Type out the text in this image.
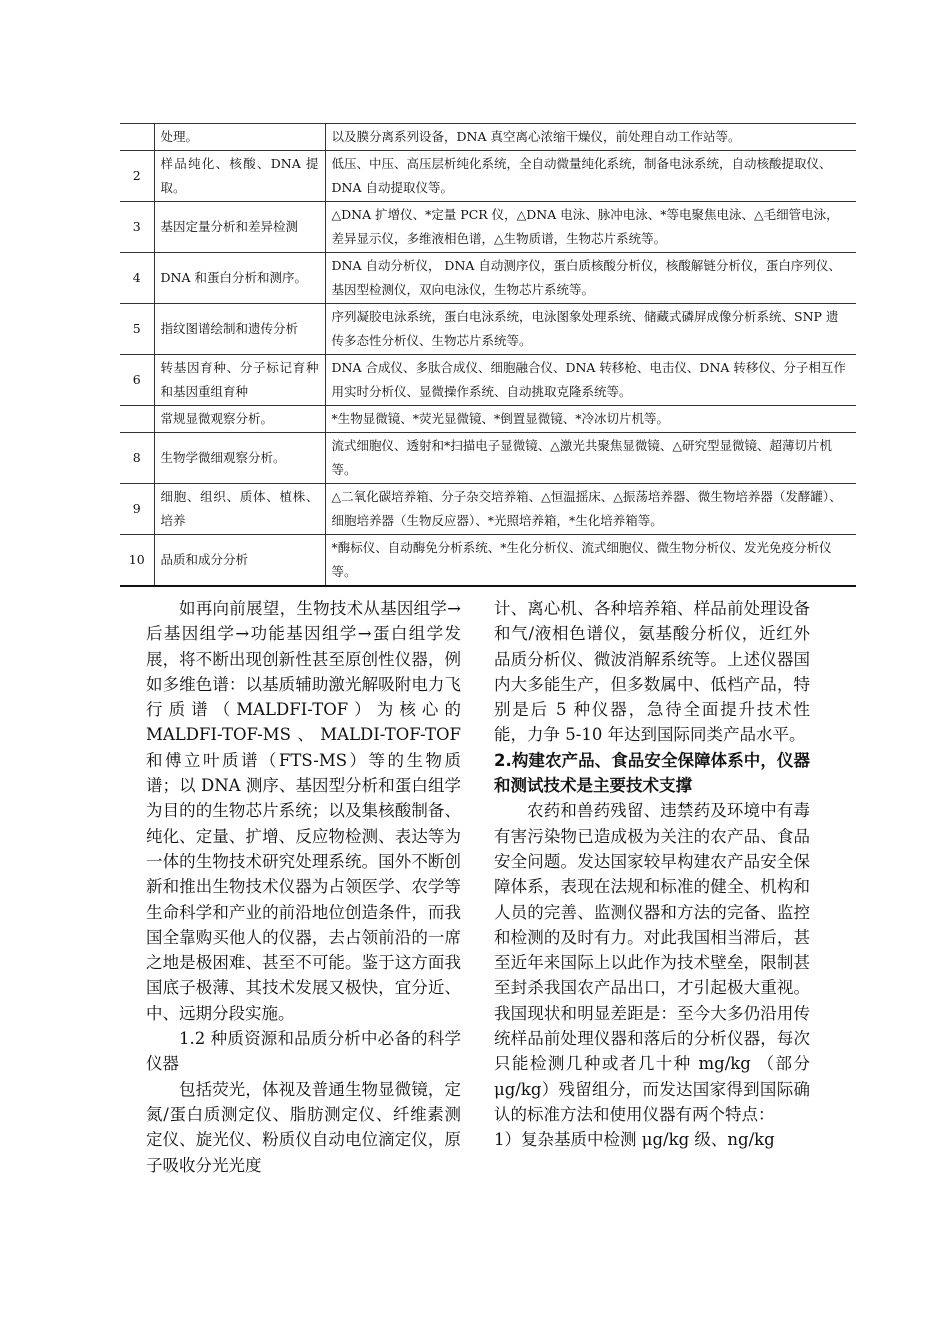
	处理。	以及膜分离系列设备，DNA 真空离心浓缩干燥仪，前处理自动工作站等。
2	样品纯化、核酸、DNA 提取。	低压、中压、高压层析纯化系统，全自动微量纯化系统，制备电泳系统，自动核酸提取仪、DNA 自动提取仪等。
3	基因定量分析和差异检测	△DNA 扩增仪、*定量 PCR 仪，△DNA 电泳、脉冲电泳、*等电聚焦电泳、△毛细管电泳，差异显示仪，多维液相色谱，△生物质谱，生物芯片系统等。
4	DNA 和蛋白分析和测序。	DNA 自动分析仪， DNA 自动测序仪，蛋白质核酸分析仪，核酸解链分析仪，蛋白序列仪、基因型检测仪，双向电泳仪，生物芯片系统等。
5	指纹图谱绘制和遗传分析	序列凝胶电泳系统，蛋白电泳系统，电泳图象处理系统、储藏式磷屏成像分析系统、SNP 遗传多态性分析仪、生物芯片系统等。
6	转基因育种、分子标记育种和基因重组育种	DNA 合成仪、多肽合成仪、细胞融合仪、DNA 转移枪、电击仪、DNA 转移仪、分子相互作用实时分析仪、显微操作系统、自动挑取克隆系统等。
	常规显微观察分析。	*生物显微镜、*荧光显微镜、*倒置显微镜、*冷冰切片机等。
8	生物学微细观察分析。	流式细胞仪、透射和*扫描电子显微镜、△激光共聚焦显微镜、△研究型显微镜、超薄切片机等。
9	细胞、组织、质体、植株、培养	△二氧化碳培养箱、分子杂交培养箱、△恒温摇床、△振荡培养器、微生物培养器（发酵罐）、细胞培养器（生物反应器）、*光照培养箱，*生化培养箱等。
10	品质和成分分析	*酶标仪、自动酶免分析系统、*生化分析仪、流式细胞仪、微生物分析仪、发光免疫分析仪等。

如再向前展望，生物技术从基因组学→后基因组学→功能基因组学→蛋白组学发展，将不断出现创新性甚至原创性仪器，例如多维色谱：以基质辅助激光解吸附电力飞行质谱（MALDFI-TOF）为核心的 MALDFI-TOF-MS、MALDI-TOF-TOF 和傅立叶质谱（FTS-MS）等的生物质谱；以 DNA 测序、基因型分析和蛋白组学为目的的生物芯片系统；以及集核酸制备、纯化、定量、扩增、反应物检测、表达等为一体的生物技术研究处理系统。国外不断创新和推出生物技术仪器为占领医学、农学等生命科学和产业的前沿地位创造条件，而我国全靠购买他人的仪器，去占领前沿的一席之地是极困难、甚至不可能。鉴于这方面我国底子极薄、其技术发展又极快，宜分近、中、远期分段实施。

1.2 种质资源和品质分析中必备的科学仪器

包括荧光，体视及普通生物显微镜，定氮/蛋白质测定仪、脂肪测定仪、纤维素测定仪、旋光仪、粉质仪自动电位滴定仪，原子吸收分光光度

计、离心机、各种培养箱、样品前处理设备和气/液相色谱仪，氨基酸分析仪，近红外品质分析仪、微波消解系统等。上述仪器国内大多能生产，但多数属中、低档产品，特别是后 5 种仪器，急待全面提升技术性能，力争 5-10 年达到国际同类产品水平。

2.构建农产品、食品安全保障体系中，仪器和测试技术是主要技术支撑

农药和兽药残留、违禁药及环境中有毒有害污染物已造成极为关注的农产品、食品安全问题。发达国家较早构建农产品安全保障体系，表现在法规和标准的健全、机构和人员的完善、监测仪器和方法的完备、监控和检测的及时有力。对此我国相当滞后，甚至近年来国际上以此作为技术壁垒，限制甚至封杀我国农产品出口，才引起极大重视。我国现状和明显差距是：至今大多仍沿用传统样品前处理仪器和落后的分析仪器，每次只能检测几种或者几十种 mg/kg （部分 μg/kg）残留组分，而发达国家得到国际确认的标准方法和使用仪器有两个特点：

1）复杂基质中检测 μg/kg 级、ng/kg
